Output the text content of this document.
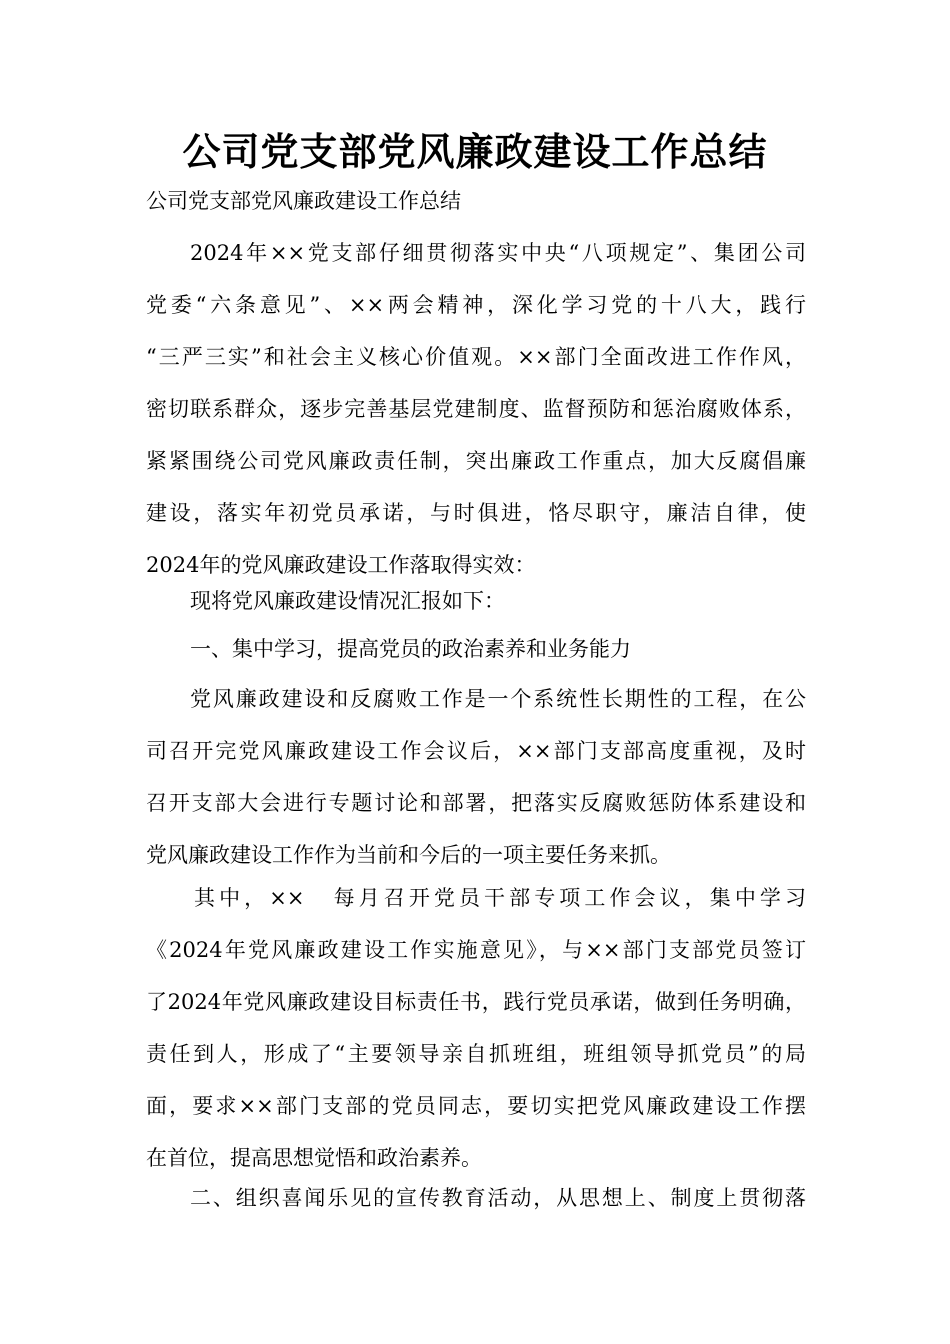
公司党支部党风廉政建设工作总结
公司党支部党风廉政建设工作总结
2024年××党支部仔细贯彻落实中央“八项规定”、集团公司
党委“六条意见”、××两会精神，深化学习党的十八大，践行
“三严三实”和社会主义核心价值观。××部门全面改进工作作风，
密切联系群众，逐步完善基层党建制度、监督预防和惩治腐败体系，
紧紧围绕公司党风廉政责任制，突出廉政工作重点，加大反腐倡廉
建设，落实年初党员承诺，与时俱进，恪尽职守，廉洁自律，使
2024年的党风廉政建设工作落取得实效：
现将党风廉政建设情况汇报如下：
一、集中学习，提高党员的政治素养和业务能力
党风廉政建设和反腐败工作是一个系统性长期性的工程，在公
司召开完党风廉政建设工作会议后，××部门支部高度重视，及时
召开支部大会进行专题讨论和部署，把落实反腐败惩防体系建设和
党风廉政建设工作作为当前和今后的一项主要任务来抓。
其中，××　每月召开党员干部专项工作会议，集中学习
《2024年党风廉政建设工作实施意见》，与××部门支部党员签订
了2024年党风廉政建设目标责任书，践行党员承诺，做到任务明确，
责任到人，形成了“主要领导亲自抓班组，班组领导抓党员”的局
面，要求××部门支部的党员同志，要切实把党风廉政建设工作摆
在首位，提高思想觉悟和政治素养。
二、组织喜闻乐见的宣传教育活动，从思想上、制度上贯彻落
